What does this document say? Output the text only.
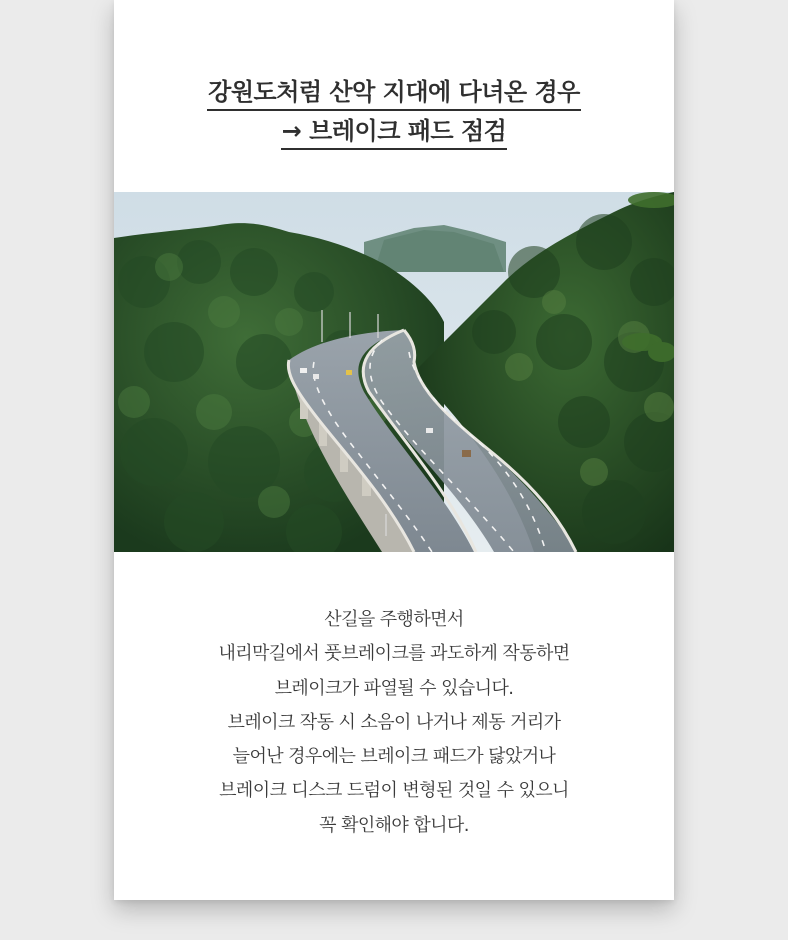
강원도처럼 산악 지대에 다녀온 경우
→ 브레이크 패드 점검
산길을 주행하면서
내리막길에서 풋브레이크를 과도하게 작동하면
브레이크가 파열될 수 있습니다.
브레이크 작동 시 소음이 나거나 제동 거리가
늘어난 경우에는 브레이크 패드가 닳았거나
브레이크 디스크 드럼이 변형된 것일 수 있으니
꼭 확인해야 합니다.
